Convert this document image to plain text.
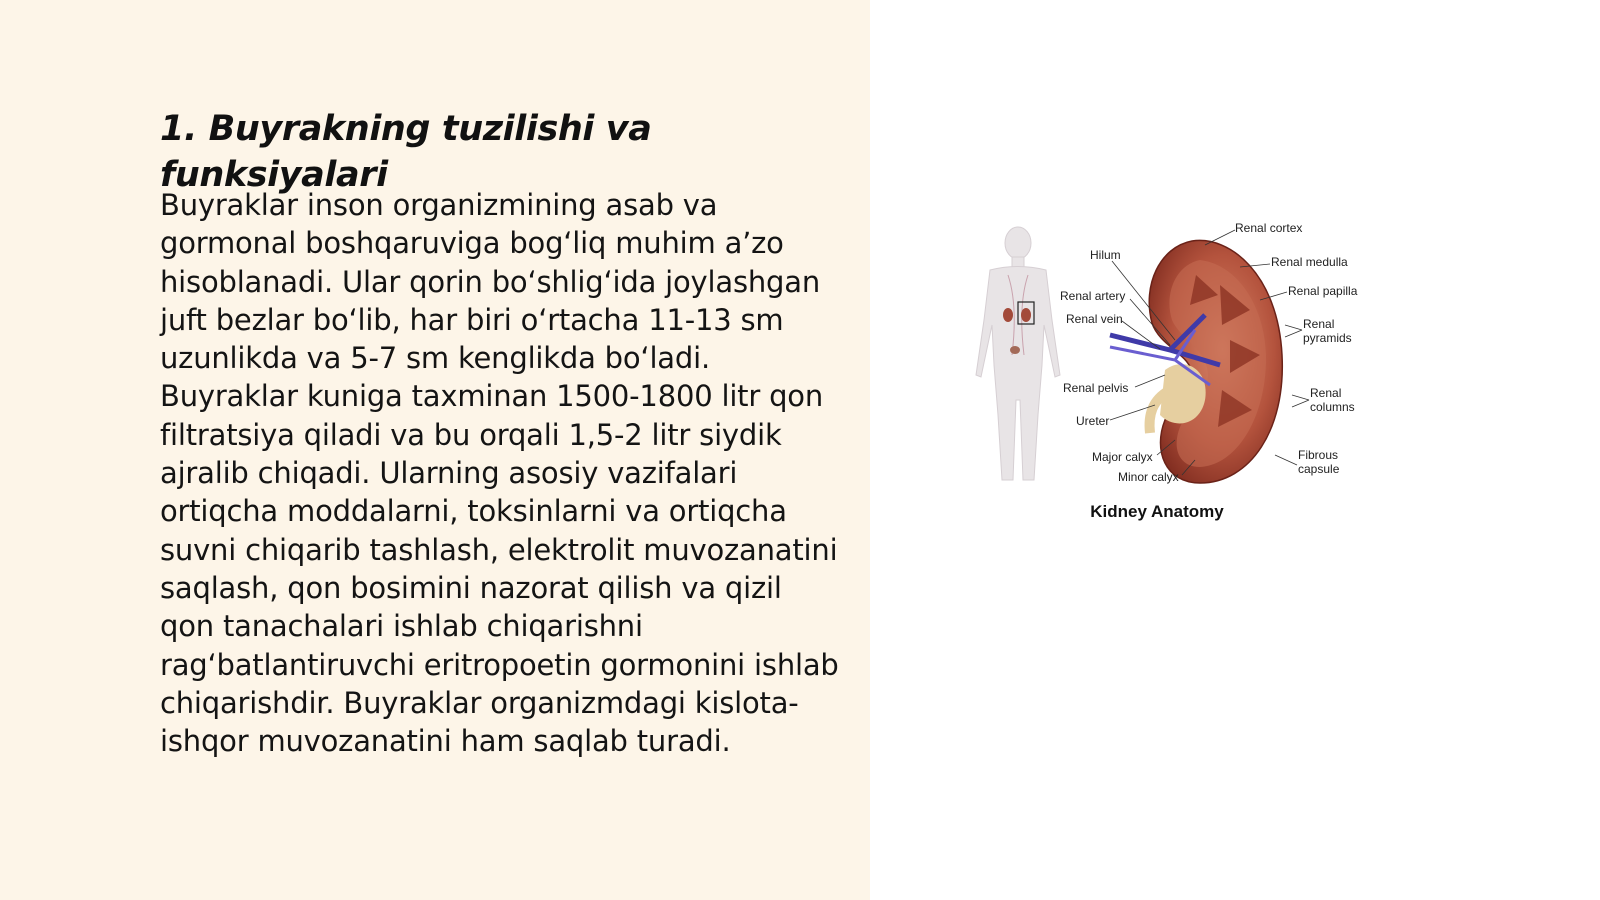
1. Buyrakning tuzilishi va funksiyalari

Buyraklar inson organizmining asab va gormonal boshqaruviga bog‘liq muhim a’zo hisoblanadi. Ular qorin bo‘shlig‘ida joylashgan juft bezlar bo‘lib, har biri o‘rtacha 11-13 sm uzunlikda va 5-7 sm kenglikda bo‘ladi. Buyraklar kuniga taxminan 1500-1800 litr qon filtratsiya qiladi va bu orqali 1,5-2 litr siydik ajralib chiqadi. Ularning asosiy vazifalari ortiqcha moddalarni, toksinlarni va ortiqcha suvni chiqarib tashlash, elektrolit muvozanatini saqlash, qon bosimini nazorat qilish va qizil qon tanachalari ishlab chiqarishni rag‘batlantiruvchi eritropoetin gormonini ishlab chiqarishdir. Buyraklar organizmdagi kislota-ishqor muvozanatini ham saqlab turadi.

Hilum
Renal artery
Renal vein
Renal pelvis
Ureter
Major calyx
Minor calyx
Renal cortex
Renal medulla
Renal papilla
Renal
pyramids
Renal
columns
Fibrous
capsule
Kidney Anatomy
